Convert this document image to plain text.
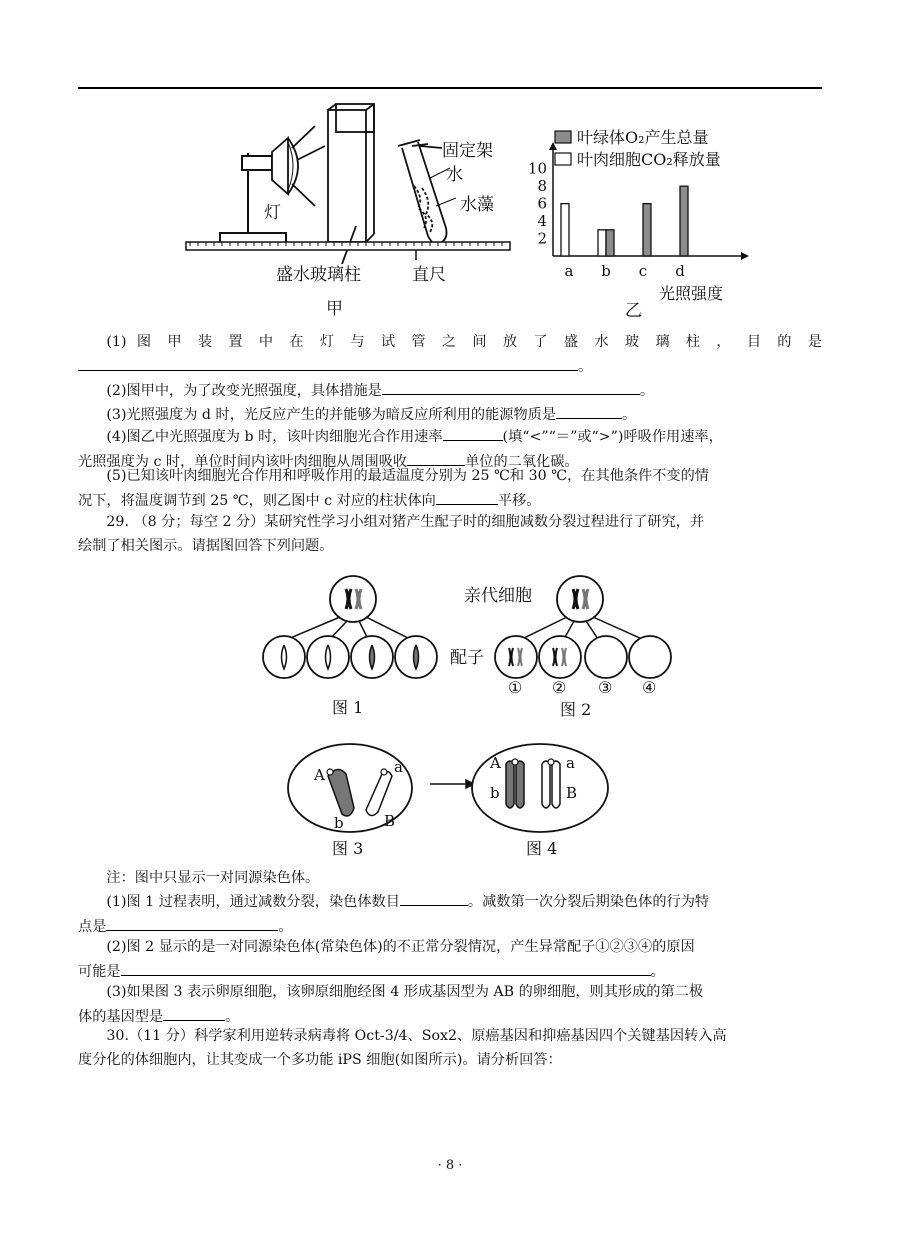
灯
固定架
水
水藻
盛水玻璃柱	直尺
甲
叶绿体O₂产生总量
叶肉细胞CO₂释放量
2
4
6
8
10
a b c d
光照强度
乙
(1) 图 甲 装 置 中 在 灯 与 试 管 之 间 放 了 盛 水 玻 璃 柱 ， 目 的 是
。
(2)图甲中，为了改变光照强度，具体措施是	。
(3)光照强度为 d 时，光反应产生的并能够为暗反应所利用的能源物质是	。
(4)图乙中光照强度为 b 时，该叶肉细胞光合作用速率	(填“<”“＝”或“>”)呼吸作用速率，
光照强度为 c 时，单位时间内该叶肉细胞从周围吸收	单位的二氧化碳。
(5)已知该叶肉细胞光合作用和呼吸作用的最适温度分别为 25 ℃和 30 ℃，在其他条件不变的情
况下，将温度调节到 25 ℃，则乙图中 c 对应的柱状体向	平移。
29. （8 分；每空 2 分）某研究性学习小组对猪产生配子时的细胞减数分裂过程进行了研究，并
绘制了相关图示。请据图回答下列问题。
图 1
亲代细胞
配子
① ② ③ ④
图 2
A	a
b	B
图 3
A	a
b	B
图 4
注：图中只显示一对同源染色体。
(1)图 1 过程表明，通过减数分裂，染色体数目	。减数第一次分裂后期染色体的行为特
点是	。
(2)图 2 显示的是一对同源染色体(常染色体)的不正常分裂情况，产生异常配子①②③④的原因
可能是	。
(3)如果图 3 表示卵原细胞，该卵原细胞经图 4 形成基因型为 AB 的卵细胞，则其形成的第二极
体的基因型是	。
30.（11 分）科学家利用逆转录病毒将 Oct-3/4、Sox2、原癌基因和抑癌基因四个关键基因转入高
度分化的体细胞内，让其变成一个多功能 iPS 细胞(如图所示)。请分析回答：
· 8 ·
